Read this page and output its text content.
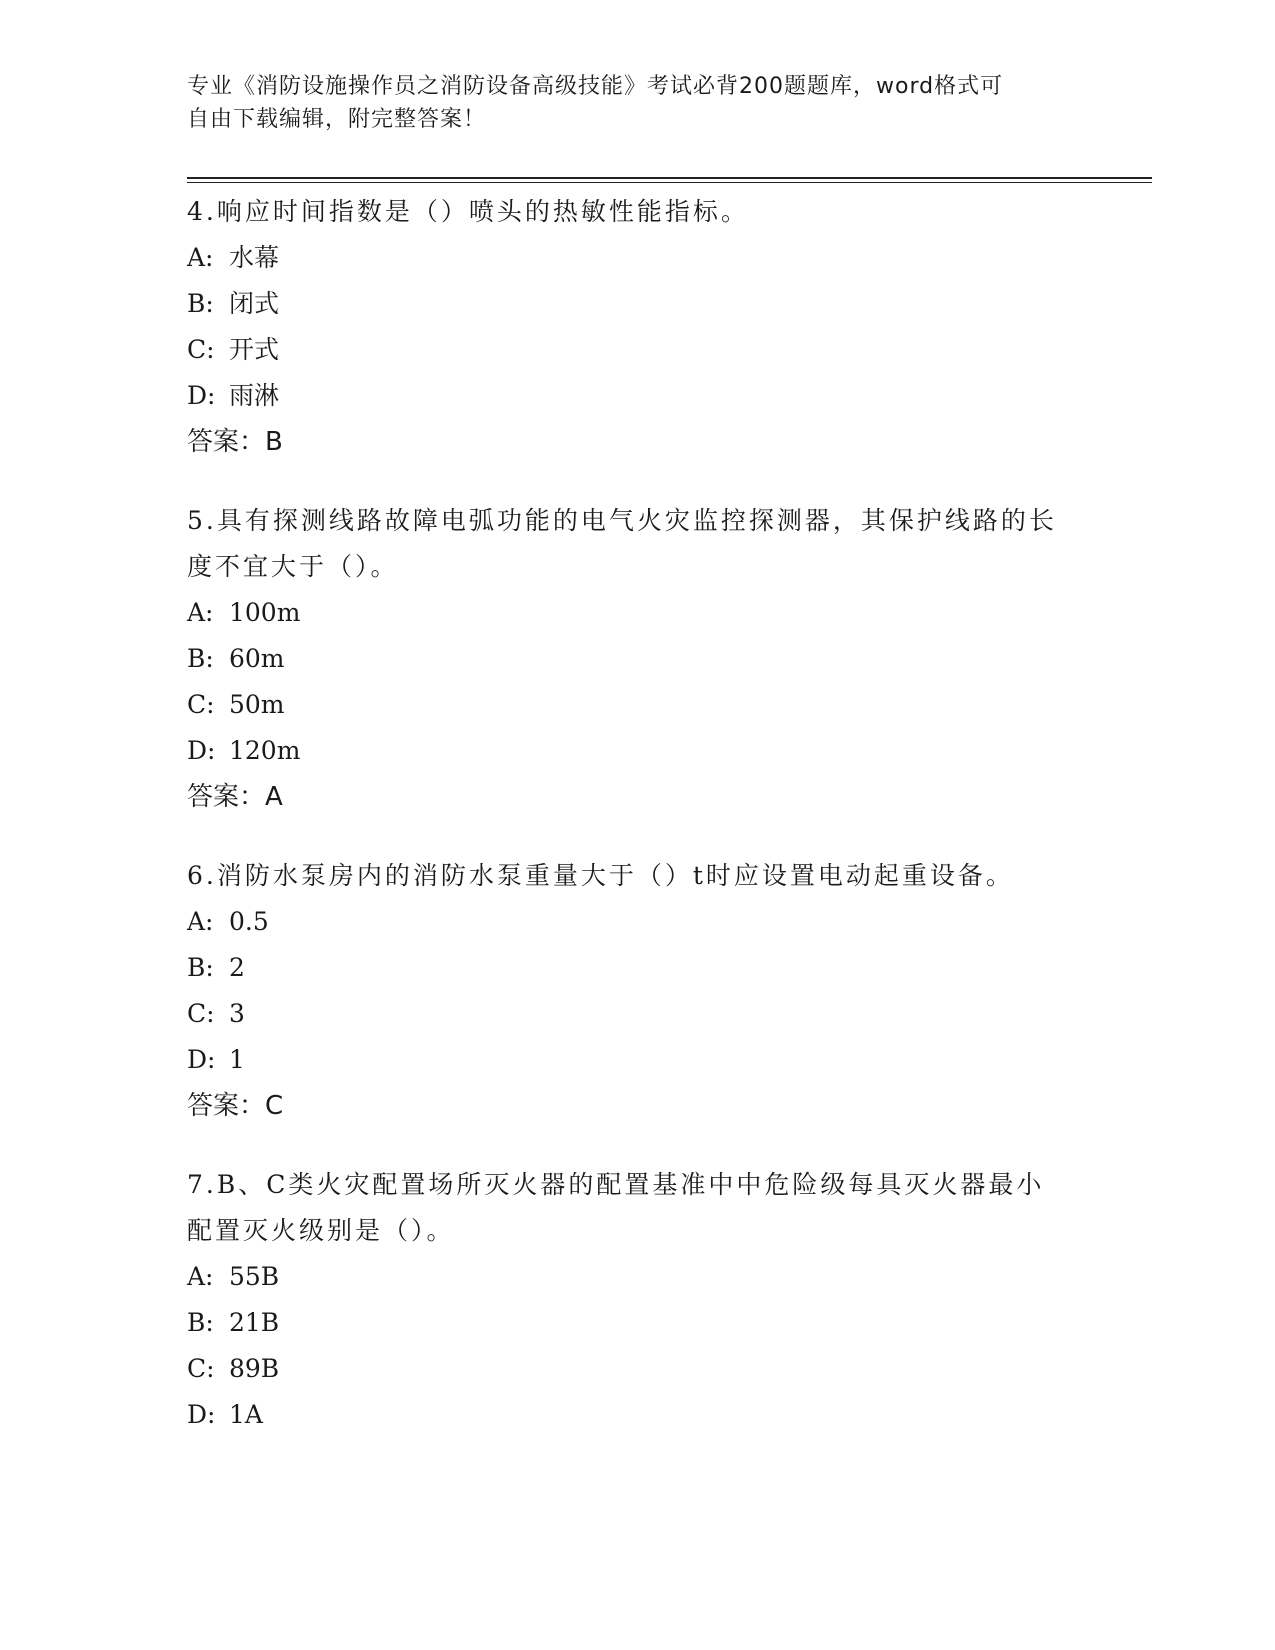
专业《消防设施操作员之消防设备高级技能》考试必背200题题库，word格式可
自由下载编辑，附完整答案！

4.响应时间指数是（）喷头的热敏性能指标。

A: 水幕

B: 闭式

C: 开式

D: 雨淋

答案：B

5.具有探测线路故障电弧功能的电气火灾监控探测器，其保护线路的长度不宜大于（）。

A: 100m

B: 60m

C: 50m

D: 120m

答案：A

6.消防水泵房内的消防水泵重量大于（）t时应设置电动起重设备。

A: 0.5

B: 2

C: 3

D: 1

答案：C

7.B、C类火灾配置场所灭火器的配置基准中中危险级每具灭火器最小配置灭火级别是（）。

A: 55B

B: 21B

C: 89B

D: 1A
